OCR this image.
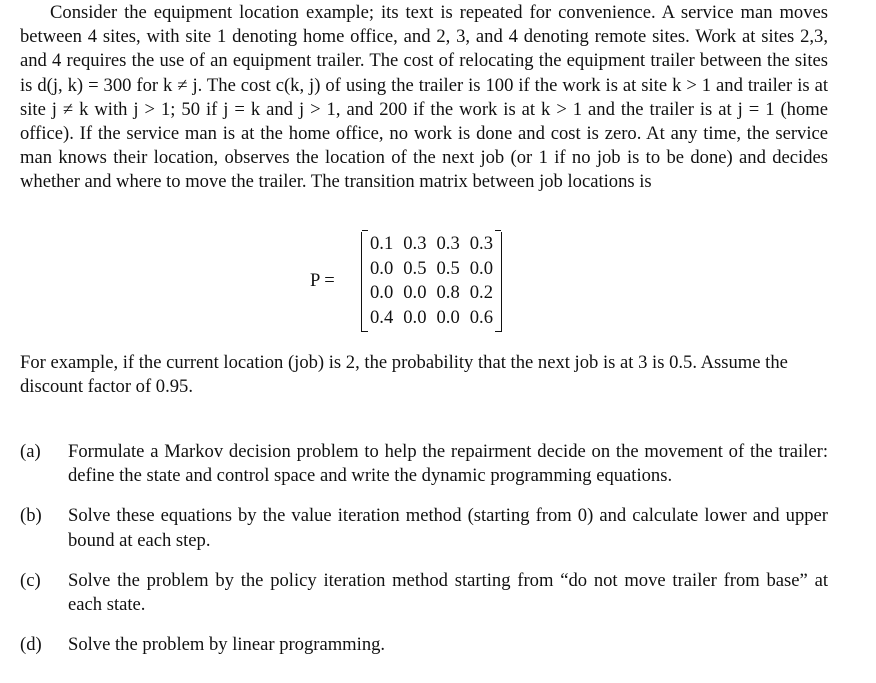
Consider the equipment location example; its text is repeated for convenience. A service man moves between 4 sites, with site 1 denoting home office, and 2, 3, and 4 denoting remote sites. Work at sites 2,3, and 4 requires the use of an equipment trailer. The cost of relocating the equipment trailer between the sites is d(j, k) = 300 for k ≠ j. The cost c(k, j) of using the trailer is 100 if the work is at site k > 1 and trailer is at site j ≠ k with j > 1; 50 if j = k and j > 1, and 200 if the work is at k > 1 and the trailer is at j = 1 (home office). If the service man is at the home office, no work is done and cost is zero. At any time, the service man knows their location, observes the location of the next job (or 1 if no job is to be done) and decides whether and where to move the trailer. The transition matrix between job locations is

P =
0.1	0.3	0.3	0.3
0.0	0.5	0.5	0.0
0.0	0.0	0.8	0.2
0.4	0.0	0.0	0.6

For example, if the current location (job) is 2, the probability that the next job is at 3 is 0.5. Assume the discount factor of 0.95.

(a) Formulate a Markov decision problem to help the repairment decide on the movement of the trailer: define the state and control space and write the dynamic programming equations.

(b) Solve these equations by the value iteration method (starting from 0) and calculate lower and upper bound at each step.

(c) Solve the problem by the policy iteration method starting from “do not move trailer from base” at each state.

(d) Solve the problem by linear programming.
